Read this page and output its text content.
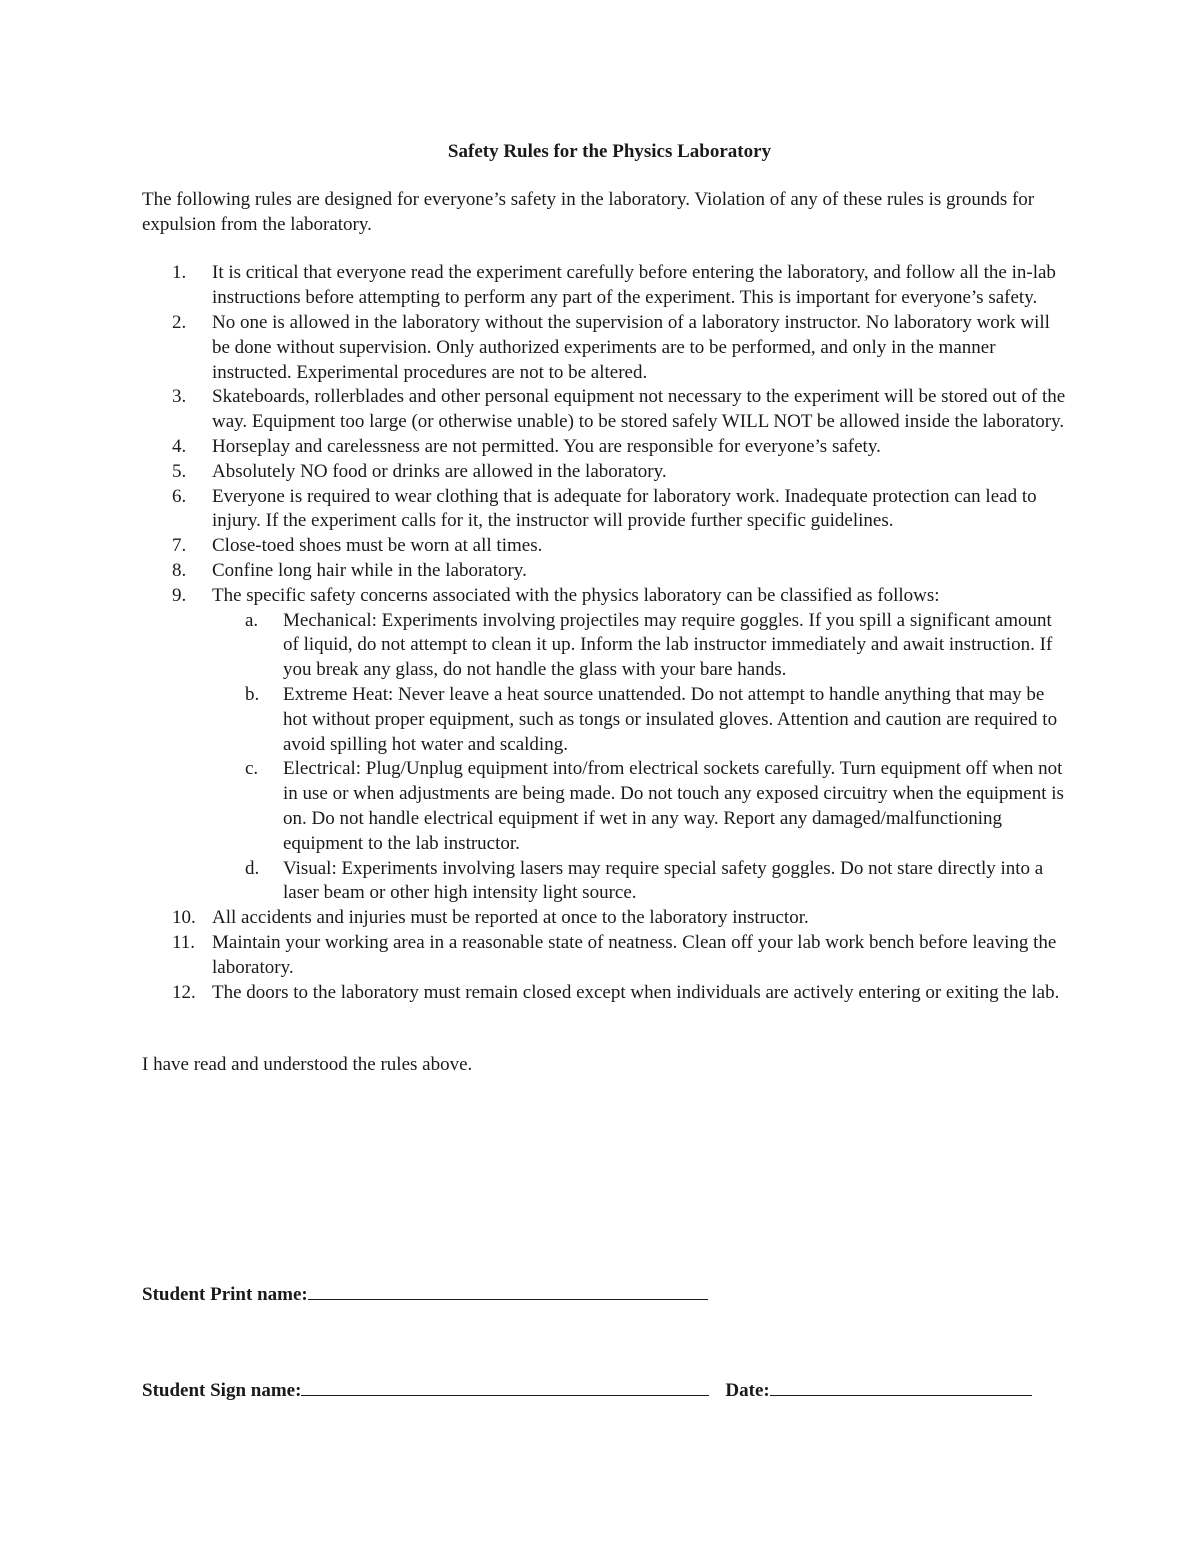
Safety Rules for the Physics Laboratory
The following rules are designed for everyone’s safety in the laboratory. Violation of any of these rules is grounds for expulsion from the laboratory.
1.	It is critical that everyone read the experiment carefully before entering the laboratory, and follow all the in-lab instructions before attempting to perform any part of the experiment. This is important for everyone’s safety.
2.	No one is allowed in the laboratory without the supervision of a laboratory instructor. No laboratory work will be done without supervision. Only authorized experiments are to be performed, and only in the manner instructed. Experimental procedures are not to be altered.
3.	Skateboards, rollerblades and other personal equipment not necessary to the experiment will be stored out of the way. Equipment too large (or otherwise unable) to be stored safely WILL NOT be allowed inside the laboratory.
4.	Horseplay and carelessness are not permitted. You are responsible for everyone’s safety.
5.	Absolutely NO food or drinks are allowed in the laboratory.
6.	Everyone is required to wear clothing that is adequate for laboratory work. Inadequate protection can lead to injury. If the experiment calls for it, the instructor will provide further specific guidelines.
7.	Close-toed shoes must be worn at all times.
8.	Confine long hair while in the laboratory.
9.	The specific safety concerns associated with the physics laboratory can be classified as follows:
a.	Mechanical: Experiments involving projectiles may require goggles. If you spill a significant amount of liquid, do not attempt to clean it up. Inform the lab instructor immediately and await instruction. If you break any glass, do not handle the glass with your bare hands.
b.	Extreme Heat: Never leave a heat source unattended. Do not attempt to handle anything that may be hot without proper equipment, such as tongs or insulated gloves. Attention and caution are required to avoid spilling hot water and scalding.
c.	Electrical: Plug/Unplug equipment into/from electrical sockets carefully. Turn equipment off when not in use or when adjustments are being made. Do not touch any exposed circuitry when the equipment is on. Do not handle electrical equipment if wet in any way. Report any damaged/malfunctioning equipment to the lab instructor.
d.	Visual: Experiments involving lasers may require special safety goggles. Do not stare directly into a laser beam or other high intensity light source.
10. All accidents and injuries must be reported at once to the laboratory instructor.
11. Maintain your working area in a reasonable state of neatness. Clean off your lab work bench before leaving the laboratory.
12. The doors to the laboratory must remain closed except when individuals are actively entering or exiting the lab.
I have read and understood the rules above.
Student Print name:
Student Sign name:	Date:
